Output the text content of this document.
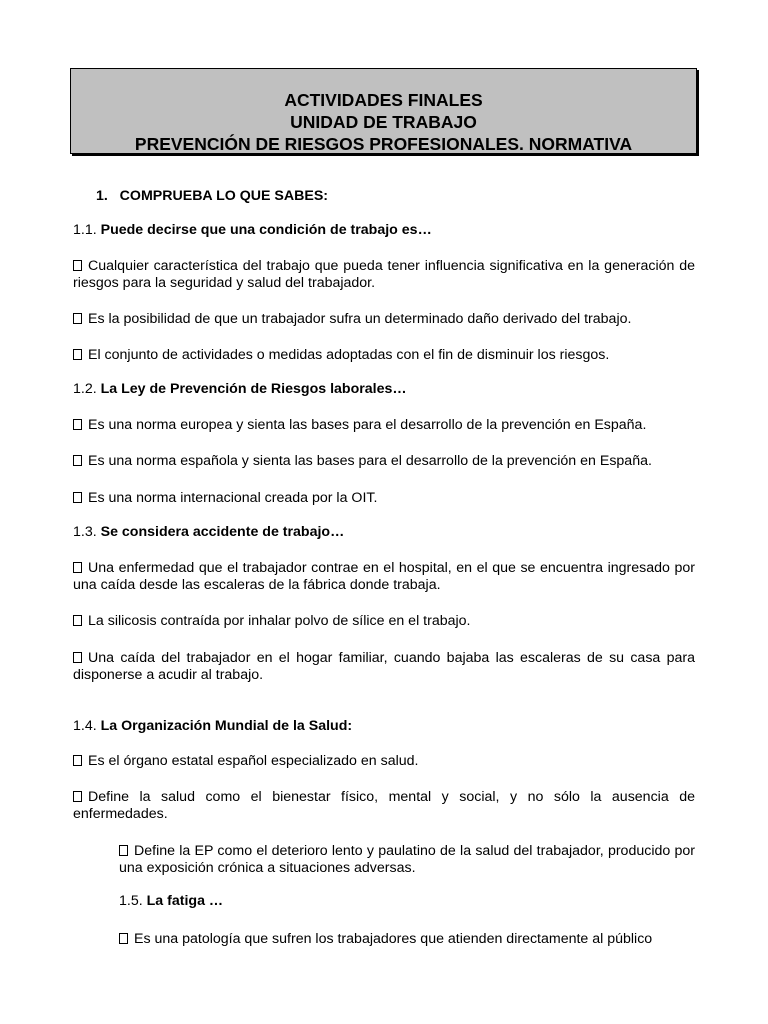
ACTIVIDADES FINALES
UNIDAD DE TRABAJO
PREVENCIÓN DE RIESGOS PROFESIONALES. NORMATIVA
1. COMPRUEBA LO QUE SABES:
1.1. Puede decirse que una condición de trabajo es…
Cualquier característica del trabajo que pueda tener influencia significativa en la generación de riesgos para la seguridad y salud del trabajador.
Es la posibilidad de que un trabajador sufra un determinado daño derivado del trabajo.
El conjunto de actividades o medidas adoptadas con el fin de disminuir los riesgos.
1.2. La Ley de Prevención de Riesgos laborales…
Es una norma europea y sienta las bases para el desarrollo de la prevención en España.
Es una norma española y sienta las bases para el desarrollo de la prevención en España.
Es una norma internacional creada por la OIT.
1.3. Se considera accidente de trabajo…
Una enfermedad que el trabajador contrae en el hospital, en el que se encuentra ingresado por una caída desde las escaleras de la fábrica donde trabaja.
La silicosis contraída por inhalar polvo de sílice en el trabajo.
Una caída del trabajador en el hogar familiar, cuando bajaba las escaleras de su casa para disponerse a acudir al trabajo.
1.4. La Organización Mundial de la Salud:
Es el órgano estatal español especializado en salud.
Define la salud como el bienestar físico, mental y social, y no sólo la ausencia de enfermedades.
Define la EP como el deterioro lento y paulatino de la salud del trabajador, producido por una exposición crónica a situaciones adversas.
1.5. La fatiga …
Es una patología que sufren los trabajadores que atienden directamente al público
